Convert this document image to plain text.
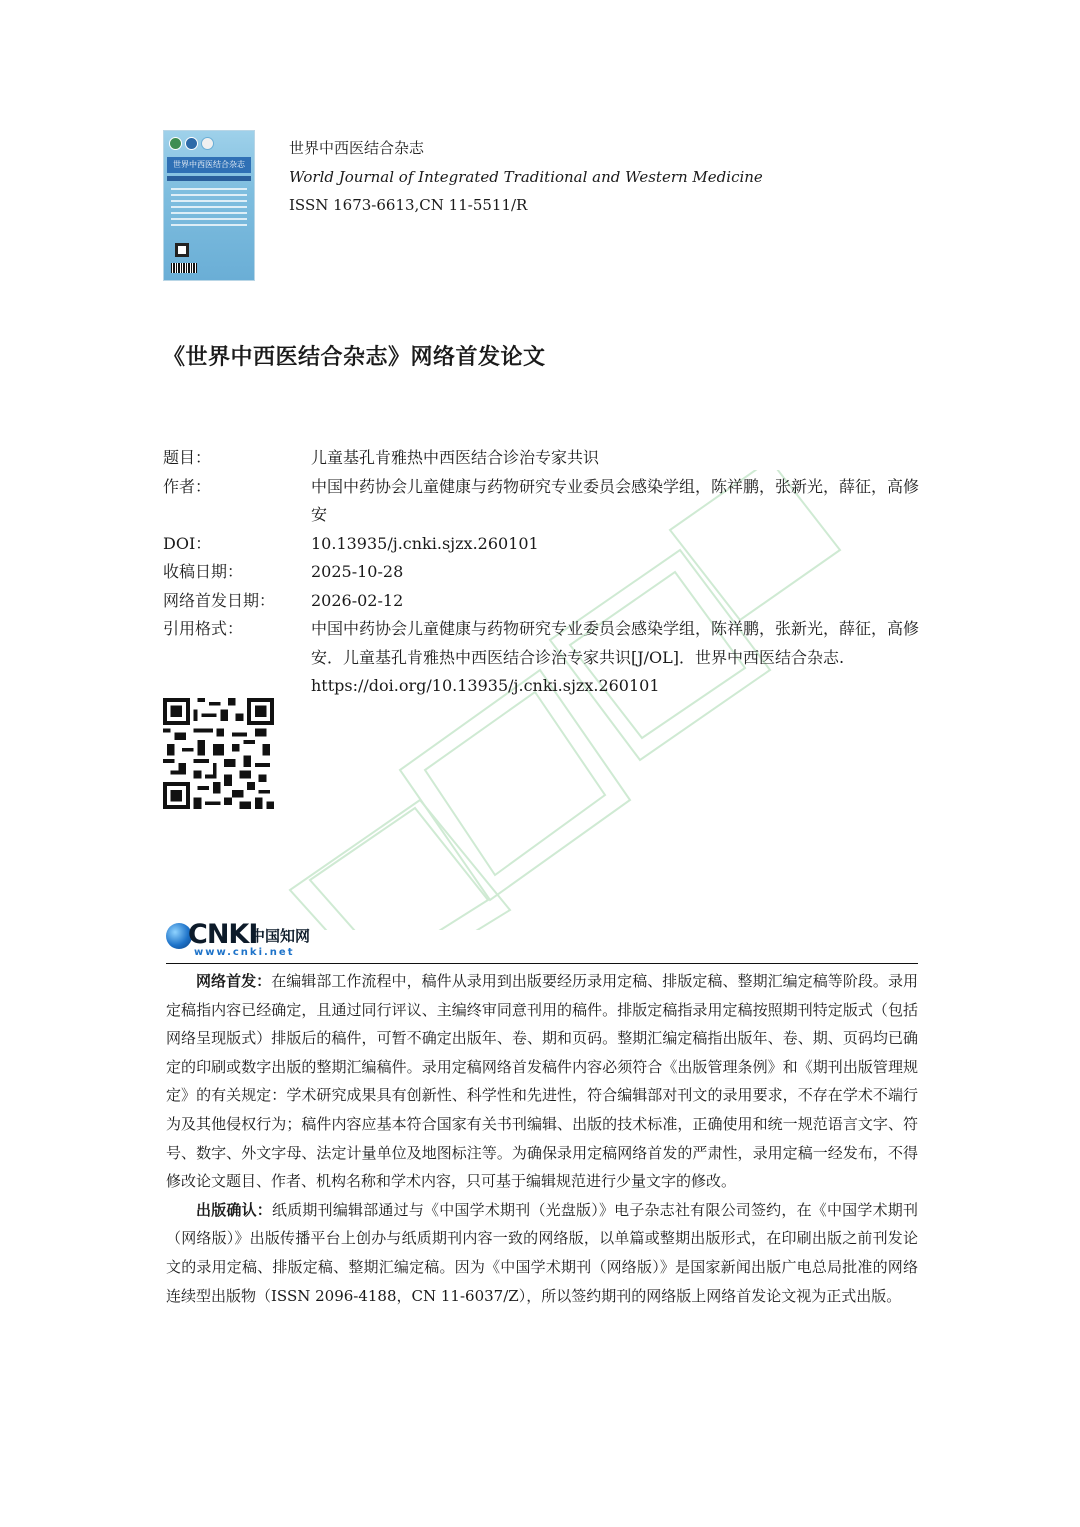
世界中西医结合杂志
世界中西医结合杂志
World Journal of Integrated Traditional and Western Medicine
ISSN 1673-6613,CN 11-5511/R
《世界中西医结合杂志》网络首发论文
题目：	儿童基孔肯雅热中西医结合诊治专家共识
作者：	中国中药协会儿童健康与药物研究专业委员会感染学组，陈祥鹏，张新光，薛征，高修安
DOI：	10.13935/j.cnki.sjzx.260101
收稿日期：	2025-10-28
网络首发日期：	2026-02-12
引用格式：	中国中药协会儿童健康与药物研究专业委员会感染学组，陈祥鹏，张新光，薛征，高修安．儿童基孔肯雅热中西医结合诊治专家共识[J/OL]．世界中西医结合杂志. https://doi.org/10.13935/j.cnki.sjzx.260101
CNKI
中国知网
www.cnki.net

网络首发：在编辑部工作流程中，稿件从录用到出版要经历录用定稿、排版定稿、整期汇编定稿等阶段。录用定稿指内容已经确定，且通过同行评议、主编终审同意刊用的稿件。排版定稿指录用定稿按照期刊特定版式（包括网络呈现版式）排版后的稿件，可暂不确定出版年、卷、期和页码。整期汇编定稿指出版年、卷、期、页码均已确定的印刷或数字出版的整期汇编稿件。录用定稿网络首发稿件内容必须符合《出版管理条例》和《期刊出版管理规定》的有关规定：学术研究成果具有创新性、科学性和先进性，符合编辑部对刊文的录用要求，不存在学术不端行为及其他侵权行为；稿件内容应基本符合国家有关书刊编辑、出版的技术标准，正确使用和统一规范语言文字、符号、数字、外文字母、法定计量单位及地图标注等。为确保录用定稿网络首发的严肃性，录用定稿一经发布，不得修改论文题目、作者、机构名称和学术内容，只可基于编辑规范进行少量文字的修改。

出版确认：纸质期刊编辑部通过与《中国学术期刊（光盘版）》电子杂志社有限公司签约，在《中国学术期刊（网络版）》出版传播平台上创办与纸质期刊内容一致的网络版，以单篇或整期出版形式，在印刷出版之前刊发论文的录用定稿、排版定稿、整期汇编定稿。因为《中国学术期刊（网络版）》是国家新闻出版广电总局批准的网络连续型出版物（ISSN 2096-4188，CN 11-6037/Z），所以签约期刊的网络版上网络首发论文视为正式出版。
